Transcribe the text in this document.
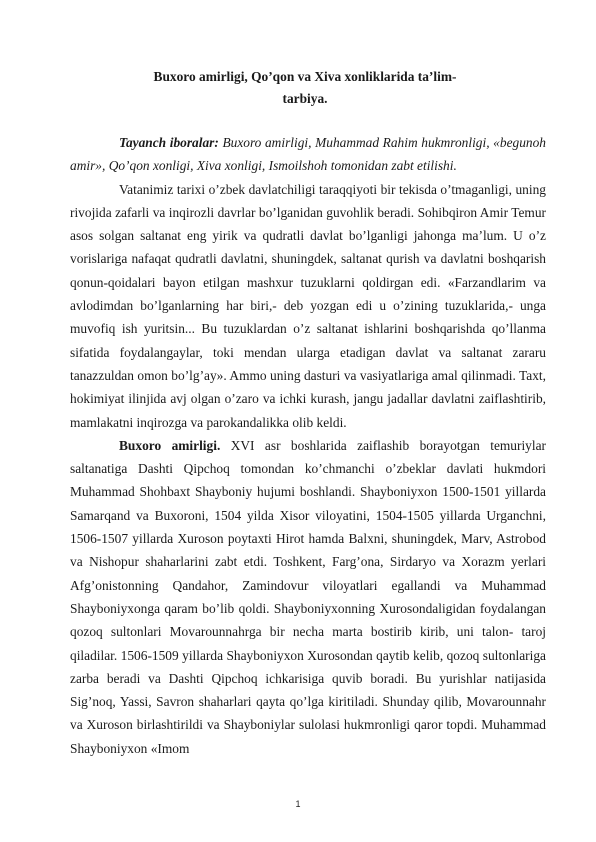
Buxoro amirligi, Qo’qon va Xiva xonliklarida ta’lim-
tarbiya.

Tayanch iboralar: Buxoro amirligi, Muhammad Rahim hukmronligi, «begunoh amir», Qo’qon xonligi, Xiva xonligi, Ismoilshoh tomonidan zabt etilishi.

Vatanimiz tarixi o’zbek davlatchiligi taraqqiyoti bir tekisda o’tmaganligi, uning rivojida zafarli va inqirozli davrlar bo’lganidan guvohlik beradi. Sohibqiron Amir Temur asos solgan saltanat eng yirik va qudratli davlat bo’lganligi jahonga ma’lum. U o’z vorislariga nafaqat qudratli davlatni, shuningdek, saltanat qurish va davlatni boshqarish qonun-qoidalari bayon etilgan mashxur tuzuklarni qoldirgan edi. «Farzandlarim va avlodimdan bo’lganlarning har biri,- deb yozgan edi u o’zining tuzuklarida,- unga muvofiq ish yuritsin... Bu tuzuklardan o’z saltanat ishlarini boshqarishda qo’llanma sifatida foydalangaylar, toki mendan ularga etadigan davlat va saltanat zararu tanazzuldan omon bo’lg’ay». Ammo uning dasturi va vasiyatlariga amal qilinmadi. Taxt, hokimiyat ilinjida avj olgan o’zaro va ichki kurash, jangu jadallar davlatni zaiflashtirib, mamlakatni inqirozga va parokandalikka olib keldi.

Buxoro amirligi. XVI asr boshlarida zaiflashib borayotgan temuriylar saltanatiga Dashti Qipchoq tomondan ko’chmanchi o’zbeklar davlati hukmdori Muhammad Shohbaxt Shayboniy hujumi boshlandi. Shayboniyxon 1500-1501 yillarda Samarqand va Buxoroni, 1504 yilda Xisor viloyatini, 1504-1505 yillarda Urganchni, 1506-1507 yillarda Xuroson poytaxti Hirot hamda Balxni, shuningdek, Marv, Astrobod va Nishopur shaharlarini zabt etdi. Toshkent, Farg’ona, Sirdaryo va Xorazm yerlari Afg’onistonning Qandahor, Zamindovur viloyatlari egallandi va Muhammad Shayboniyxonga qaram bo’lib qoldi. Shayboniyxonning Xurosondaligidan foydalangan qozoq sultonlari Movarounnahrga bir necha marta bostirib kirib, uni talon- taroj qiladilar. 1506-1509 yillarda Shayboniyxon Xurosondan qaytib kelib, qozoq sultonlariga zarba beradi va Dashti Qipchoq ichkarisiga quvib boradi. Bu yurishlar natijasida Sig’noq, Yassi, Savron shaharlari qayta qo’lga kiritiladi. Shunday qilib, Movarounnahr va Xuroson birlashtirildi va Shayboniylar sulolasi hukmronligi qaror topdi. Muhammad Shayboniyxon «Imom

1
